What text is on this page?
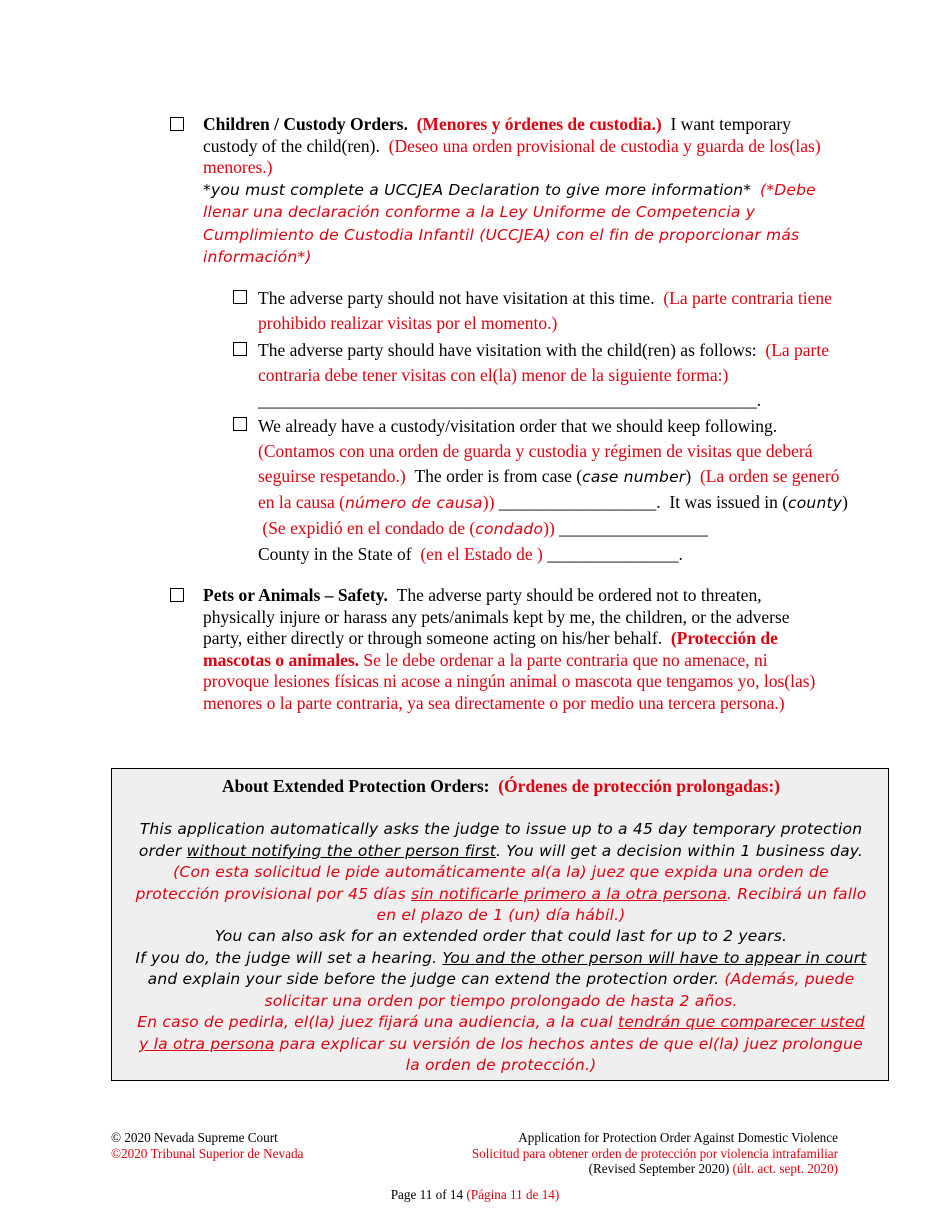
Children / Custody Orders. (Menores y órdenes de custodia.) I want temporary custody of the child(ren). (Deseo una orden provisional de custodia y guarda de los(las) menores.)
*you must complete a UCCJEA Declaration to give more information* (*Debe llenar una declaración conforme a la Ley Uniforme de Competencia y Cumplimiento de Custodia Infantil (UCCJEA) con el fin de proporcionar más información*)
The adverse party should not have visitation at this time. (La parte contraria tiene prohibido realizar visitas por el momento.)
The adverse party should have visitation with the child(ren) as follows: (La parte contraria debe tener visitas con el(la) menor de la siguiente forma:)
_________________________________________________________.
We already have a custody/visitation order that we should keep following. (Contamos con una orden de guarda y custodia y régimen de visitas que deberá seguirse respetando.) The order is from case (case number) (La orden se generó en la causa (número de causa)) __________________. It was issued in (county)  (Se expidió en el condado de (condado)) _________________
County in the State of (en el Estado de ) _______________.
Pets or Animals – Safety. The adverse party should be ordered not to threaten, physically injure or harass any pets/animals kept by me, the children, or the adverse party, either directly or through someone acting on his/her behalf. (Protección de mascotas o animales. Se le debe ordenar a la parte contraria que no amenace, ni provoque lesiones físicas ni acose a ningún animal o mascota que tengamos yo, los(las) menores o la parte contraria, ya sea directamente o por medio una tercera persona.)
About Extended Protection Orders: (Órdenes de protección prolongadas:)
This application automatically asks the judge to issue up to a 45 day temporary protection order without notifying the other person first. You will get a decision within 1 business day. (Con esta solicitud le pide automáticamente al(a la) juez que expida una orden de protección provisional por 45 días sin notificarle primero a la otra persona. Recibirá un fallo en el plazo de 1 (un) día hábil.)
You can also ask for an extended order that could last for up to 2 years.
If you do, the judge will set a hearing. You and the other person will have to appear in court and explain your side before the judge can extend the protection order. (Además, puede solicitar una orden por tiempo prolongado de hasta 2 años.
En caso de pedirla, el(la) juez fijará una audiencia, a la cual tendrán que comparecer usted y la otra persona para explicar su versión de los hechos antes de que el(la) juez prolongue la orden de protección.)
© 2020 Nevada Supreme Court
©2020 Tribunal Superior de Nevada
Application for Protection Order Against Domestic Violence
Solicitud para obtener orden de protección por violencia intrafamiliar
(Revised September 2020) (últ. act. sept. 2020)
Page 11 of 14 (Página 11 de 14)
